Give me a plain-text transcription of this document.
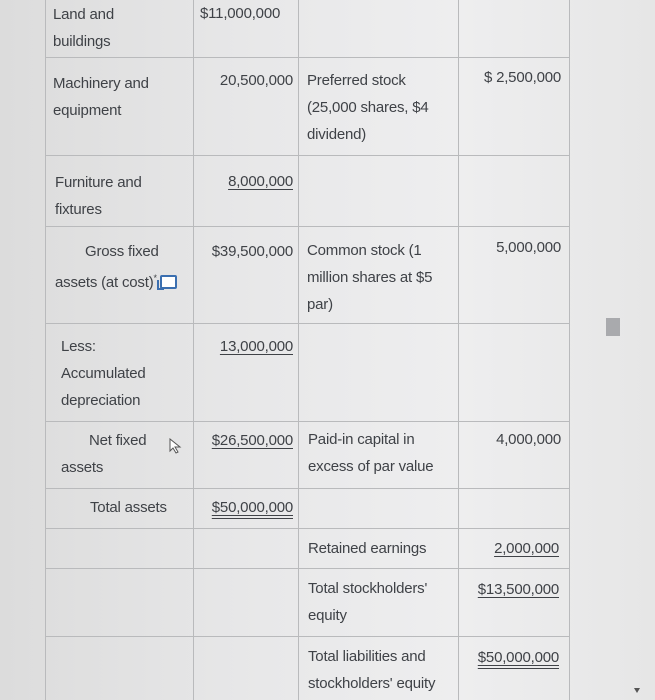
Land and
buildings
$11,000,000
Machinery and
equipment
20,500,000 Preferred stock
(25,000 shares, $4
dividend)
$ 2,500,000
Furniture and
fixtures
8,000,000
Gross fixed
assets (at cost)*
$39,500,000 Common stock (1
million shares at $5
par)
5,000,000
Less:
Accumulated
depreciation
13,000,000
Net fixed
assets
$26,500,000 Paid-in capital in
excess of par value
4,000,000
Total assets	$50,000,000
Retained earnings	2,000,000
Total stockholders'
equity
$13,500,000
Total liabilities and
stockholders' equity
$50,000,000
